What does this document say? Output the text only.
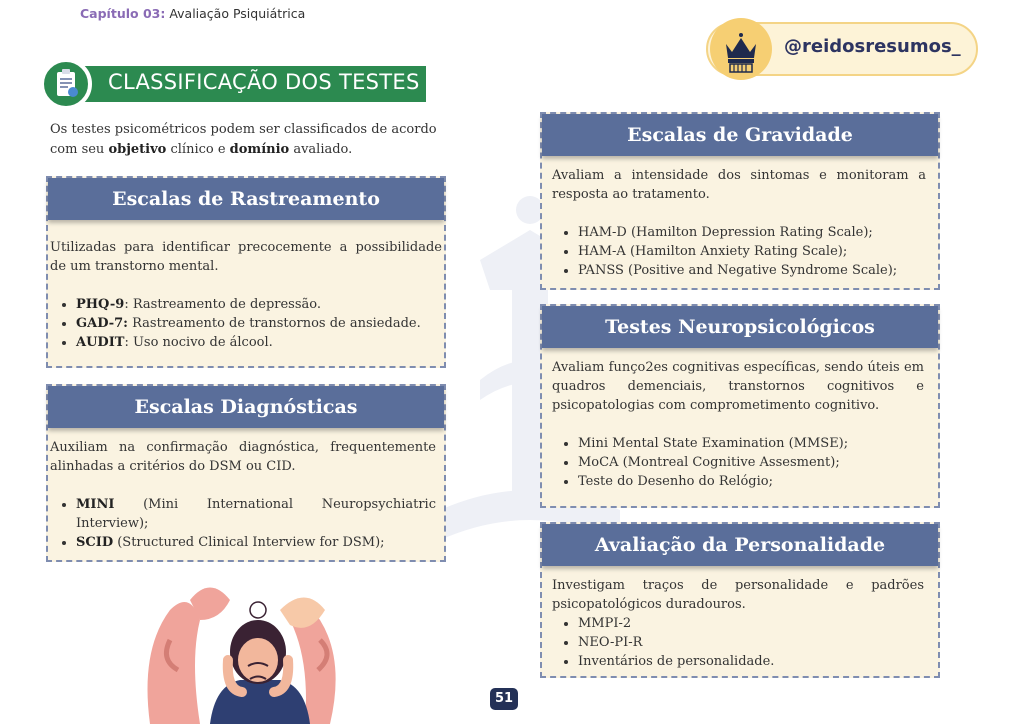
Capítulo 03: Avaliação Psiquiátrica
@reidosresumos_
CLASSIFICAÇÃO DOS TESTES
Os testes psicométricos podem ser classificados de acordo com seu objetivo clínico e domínio avaliado.
Escalas de Rastreamento

Utilizadas para identificar precocemente a possibilidade de um transtorno mental.

• PHQ-9: Rastreamento de depressão.
• GAD-7: Rastreamento de transtornos de ansiedade.
• AUDIT: Uso nocivo de álcool.
Escalas Diagnósticas

Auxiliam na confirmação diagnóstica, frequentemente alinhadas a critérios do DSM ou CID.

• MINI (Mini International Neuropsychiatric Interview);
• SCID (Structured Clinical Interview for DSM);
Escalas de Gravidade

Avaliam a intensidade dos sintomas e monitoram a resposta ao tratamento.

• HAM-D (Hamilton Depression Rating Scale);
• HAM-A (Hamilton Anxiety Rating Scale);
• PANSS (Positive and Negative Syndrome Scale);
Testes Neuropsicológicos

Avaliam funço2es cognitivas específicas, sendo úteis em quadros demenciais, transtornos cognitivos e psicopatologias com comprometimento cognitivo.

• Mini Mental State Examination (MMSE);
• MoCA (Montreal Cognitive Assesment);
• Teste do Desenho do Relógio;
Avaliação da Personalidade

Investigam traços de personalidade e padrões psicopatológicos duradouros.

• MMPI-2
• NEO-PI-R
• Inventários de personalidade.
51
